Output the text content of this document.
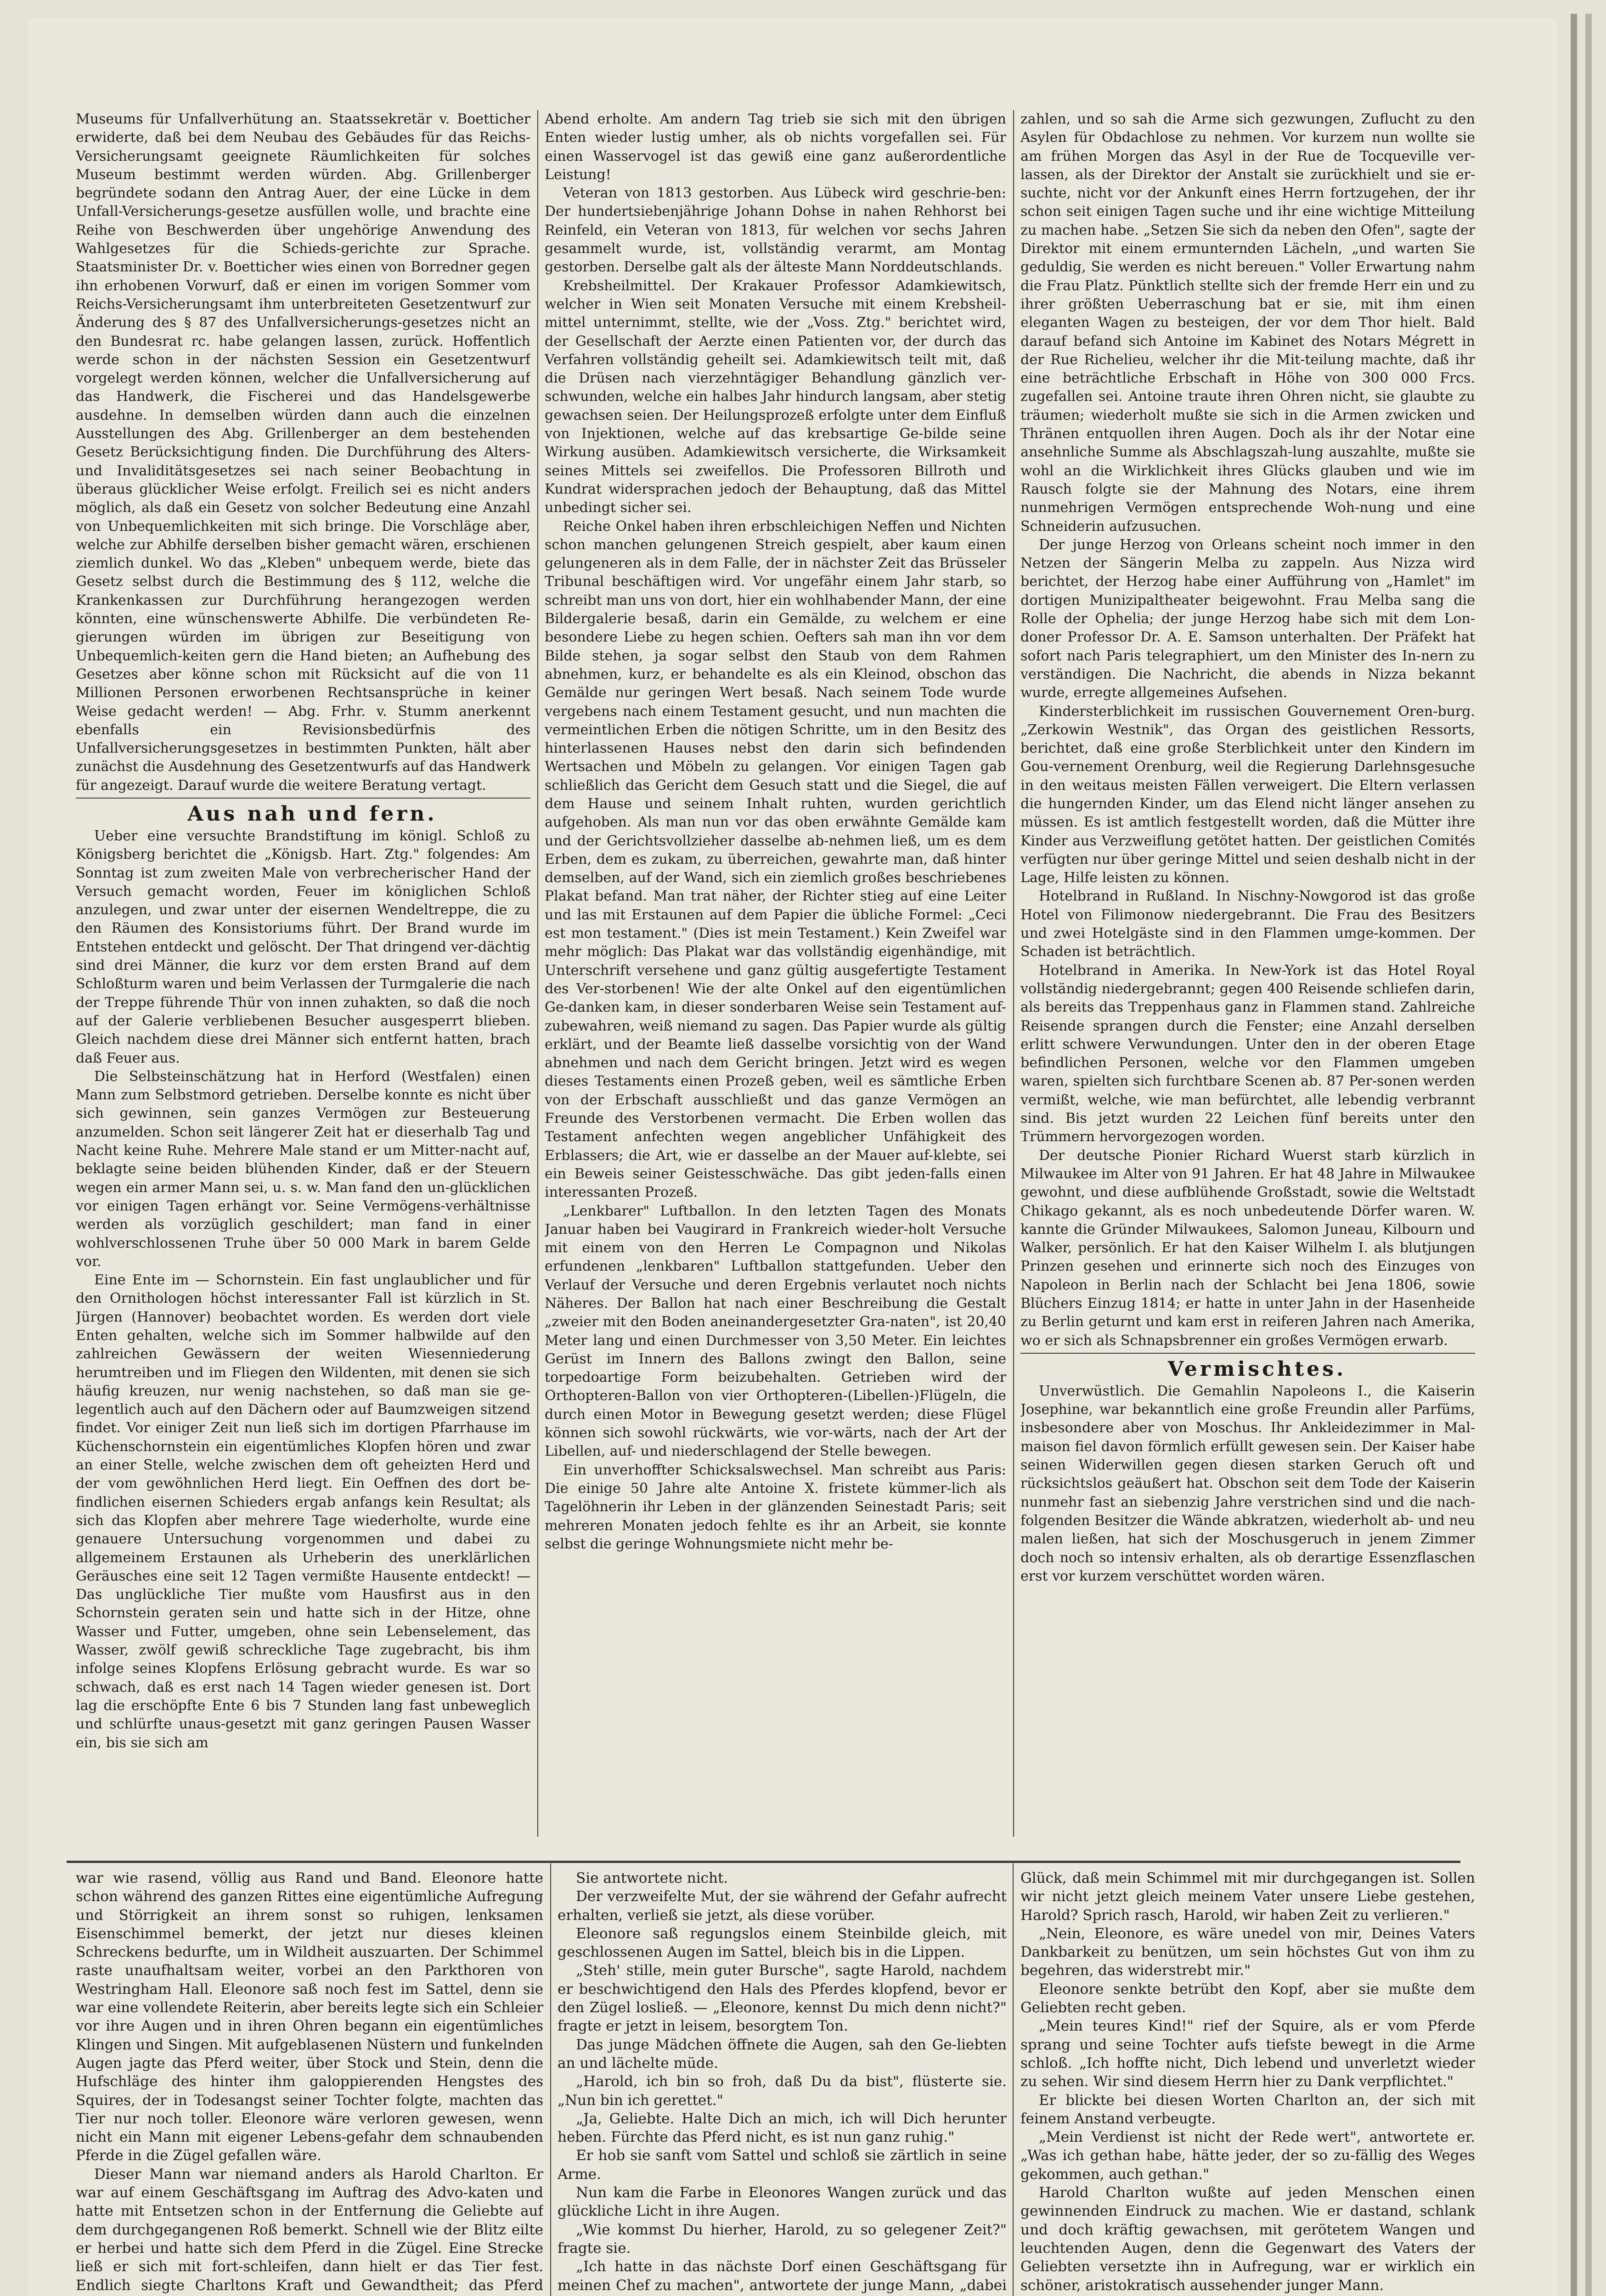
Museums für Unfallverhütung an. Staatssekretär v. Boetticher erwiderte, daß bei dem Neubau des Gebäudes für das Reichs-Versicherungsamt geeignete Räumlichkeiten für solches Museum bestimmt werden würden. Abg. Grillenberger begründete sodann den Antrag Auer, der eine Lücke in dem Unfall-Versicherungs-gesetze ausfüllen wolle, und brachte eine Reihe von Beschwerden über ungehörige Anwendung des Wahlgesetzes für die Schieds-gerichte zur Sprache. Staatsminister Dr. v. Boetticher wies einen von Borredner gegen ihn erhobenen Vorwurf, daß er einen im vorigen Sommer vom Reichs-Versicherungsamt ihm unterbreiteten Gesetzentwurf zur Änderung des § 87 des Unfallversicherungs-gesetzes nicht an den Bundesrat rc. habe gelangen lassen, zurück. Hoffentlich werde schon in der nächsten Session ein Gesetzentwurf vorgelegt werden können, welcher die Unfallversicherung auf das Handwerk, die Fischerei und das Handelsgewerbe ausdehne. In demselben würden dann auch die einzelnen Ausstellungen des Abg. Grillenberger an dem bestehenden Gesetz Berücksichtigung finden. Die Durchführung des Alters- und Invaliditätsgesetzes sei nach seiner Beobachtung in überaus glücklicher Weise erfolgt. Freilich sei es nicht anders möglich, als daß ein Gesetz von solcher Bedeutung eine Anzahl von Unbequemlichkeiten mit sich bringe. Die Vorschläge aber, welche zur Abhilfe derselben bisher gemacht wären, erschienen ziemlich dunkel. Wo das „Kleben" unbequem werde, biete das Gesetz selbst durch die Bestimmung des § 112, welche die Krankenkassen zur Durchführung herangezogen werden könnten, eine wünschenswerte Abhilfe. Die verbündeten Re-gierungen würden im übrigen zur Beseitigung von Unbequemlich-keiten gern die Hand bieten; an Aufhebung des Gesetzes aber könne schon mit Rücksicht auf die von 11 Millionen Personen erworbenen Rechtsansprüche in keiner Weise gedacht werden! — Abg. Frhr. v. Stumm anerkennt ebenfalls ein Revisionsbedürfnis des Unfallversicherungsgesetzes in bestimmten Punkten, hält aber zunächst die Ausdehnung des Gesetzentwurfs auf das Handwerk für angezeigt. Darauf wurde die weitere Beratung vertagt.

Aus nah und fern.

Ueber eine versuchte Brandstiftung im königl. Schloß zu Königsberg berichtet die „Königsb. Hart. Ztg." folgendes: Am Sonntag ist zum zweiten Male von verbrecherischer Hand der Versuch gemacht worden, Feuer im königlichen Schloß anzulegen, und zwar unter der eisernen Wendeltreppe, die zu den Räumen des Konsistoriums führt. Der Brand wurde im Entstehen entdeckt und gelöscht. Der That dringend ver-dächtig sind drei Männer, die kurz vor dem ersten Brand auf dem Schloßturm waren und beim Verlassen der Turmgalerie die nach der Treppe führende Thür von innen zuhakten, so daß die noch auf der Galerie verbliebenen Besucher ausgesperrt blieben. Gleich nachdem diese drei Männer sich entfernt hatten, brach daß Feuer aus.

Die Selbsteinschätzung hat in Herford (Westfalen) einen Mann zum Selbstmord getrieben. Derselbe konnte es nicht über sich gewinnen, sein ganzes Vermögen zur Besteuerung anzumelden. Schon seit längerer Zeit hat er dieserhalb Tag und Nacht keine Ruhe. Mehrere Male stand er um Mitter-nacht auf, beklagte seine beiden blühenden Kinder, daß er der Steuern wegen ein armer Mann sei, u. s. w. Man fand den un-glücklichen vor einigen Tagen erhängt vor. Seine Vermögens-verhältnisse werden als vorzüglich geschildert; man fand in einer wohlverschlossenen Truhe über 50 000 Mark in barem Gelde vor.

Eine Ente im — Schornstein. Ein fast unglaublicher und für den Ornithologen höchst interessanter Fall ist kürzlich in St. Jürgen (Hannover) beobachtet worden. Es werden dort viele Enten gehalten, welche sich im Sommer halbwilde auf den zahlreichen Gewässern der weiten Wiesenniederung herumtreiben und im Fliegen den Wildenten, mit denen sie sich häufig kreuzen, nur wenig nachstehen, so daß man sie ge-legentlich auch auf den Dächern oder auf Baumzweigen sitzend findet. Vor einiger Zeit nun ließ sich im dortigen Pfarrhause im Küchenschornstein ein eigentümliches Klopfen hören und zwar an einer Stelle, welche zwischen dem oft geheizten Herd und der vom gewöhnlichen Herd liegt. Ein Oeffnen des dort be-findlichen eisernen Schieders ergab anfangs kein Resultat; als sich das Klopfen aber mehrere Tage wiederholte, wurde eine genauere Untersuchung vorgenommen und dabei zu allgemeinem Erstaunen als Urheberin des unerklärlichen Geräusches eine seit 12 Tagen vermißte Hausente entdeckt! — Das unglückliche Tier mußte vom Hausfirst aus in den Schornstein geraten sein und hatte sich in der Hitze, ohne Wasser und Futter, umgeben, ohne sein Lebenselement, das Wasser, zwölf gewiß schreckliche Tage zugebracht, bis ihm infolge seines Klopfens Erlösung gebracht wurde. Es war so schwach, daß es erst nach 14 Tagen wieder genesen ist. Dort lag die erschöpfte Ente 6 bis 7 Stunden lang fast unbeweglich und schlürfte unaus-gesetzt mit ganz geringen Pausen Wasser ein, bis sie sich am

Abend erholte. Am andern Tag trieb sie sich mit den übrigen Enten wieder lustig umher, als ob nichts vorgefallen sei. Für einen Wasservogel ist das gewiß eine ganz außerordentliche Leistung!

Veteran von 1813 gestorben. Aus Lübeck wird geschrie-ben: Der hundertsiebenjährige Johann Dohse in nahen Rehhorst bei Reinfeld, ein Veteran von 1813, für welchen vor sechs Jahren gesammelt wurde, ist, vollständig verarmt, am Montag gestorben. Derselbe galt als der älteste Mann Norddeutschlands.

Krebsheilmittel. Der Krakauer Professor Adamkiewitsch, welcher in Wien seit Monaten Versuche mit einem Krebsheil-mittel unternimmt, stellte, wie der „Voss. Ztg." berichtet wird, der Gesellschaft der Aerzte einen Patienten vor, der durch das Verfahren vollständig geheilt sei. Adamkiewitsch teilt mit, daß die Drüsen nach vierzehntägiger Behandlung gänzlich ver-schwunden, welche ein halbes Jahr hindurch langsam, aber stetig gewachsen seien. Der Heilungsprozeß erfolgte unter dem Einfluß von Injektionen, welche auf das krebsartige Ge-bilde seine Wirkung ausüben. Adamkiewitsch versicherte, die Wirksamkeit seines Mittels sei zweifellos. Die Professoren Billroth und Kundrat widersprachen jedoch der Behauptung, daß das Mittel unbedingt sicher sei.

Reiche Onkel haben ihren erbschleichigen Neffen und Nichten schon manchen gelungenen Streich gespielt, aber kaum einen gelungeneren als in dem Falle, der in nächster Zeit das Brüsseler Tribunal beschäftigen wird. Vor ungefähr einem Jahr starb, so schreibt man uns von dort, hier ein wohlhabender Mann, der eine Bildergalerie besaß, darin ein Gemälde, zu welchem er eine besondere Liebe zu hegen schien. Oefters sah man ihn vor dem Bilde stehen, ja sogar selbst den Staub von dem Rahmen abnehmen, kurz, er behandelte es als ein Kleinod, obschon das Gemälde nur geringen Wert besaß. Nach seinem Tode wurde vergebens nach einem Testament gesucht, und nun machten die vermeintlichen Erben die nötigen Schritte, um in den Besitz des hinterlassenen Hauses nebst den darin sich befindenden Wertsachen und Möbeln zu gelangen. Vor einigen Tagen gab schließlich das Gericht dem Gesuch statt und die Siegel, die auf dem Hause und seinem Inhalt ruhten, wurden gerichtlich aufgehoben. Als man nun vor das oben erwähnte Gemälde kam und der Gerichtsvollzieher dasselbe ab-nehmen ließ, um es dem Erben, dem es zukam, zu überreichen, gewahrte man, daß hinter demselben, auf der Wand, sich ein ziemlich großes beschriebenes Plakat befand. Man trat näher, der Richter stieg auf eine Leiter und las mit Erstaunen auf dem Papier die übliche Formel: „Ceci est mon testament." (Dies ist mein Testament.) Kein Zweifel war mehr möglich: Das Plakat war das vollständig eigenhändige, mit Unterschrift versehene und ganz gültig ausgefertigte Testament des Ver-storbenen! Wie der alte Onkel auf den eigentümlichen Ge-danken kam, in dieser sonderbaren Weise sein Testament auf-zubewahren, weiß niemand zu sagen. Das Papier wurde als gültig erklärt, und der Beamte ließ dasselbe vorsichtig von der Wand abnehmen und nach dem Gericht bringen. Jetzt wird es wegen dieses Testaments einen Prozeß geben, weil es sämtliche Erben von der Erbschaft ausschließt und das ganze Vermögen an Freunde des Verstorbenen vermacht. Die Erben wollen das Testament anfechten wegen angeblicher Unfähigkeit des Erblassers; die Art, wie er dasselbe an der Mauer auf-klebte, sei ein Beweis seiner Geistesschwäche. Das gibt jeden-falls einen interessanten Prozeß.

„Lenkbarer" Luftballon. In den letzten Tagen des Monats Januar haben bei Vaugirard in Frankreich wieder-holt Versuche mit einem von den Herren Le Compagnon und Nikolas erfundenen „lenkbaren" Luftballon stattgefunden. Ueber den Verlauf der Versuche und deren Ergebnis verlautet noch nichts Näheres. Der Ballon hat nach einer Beschreibung die Gestalt „zweier mit den Boden aneinandergesetzter Gra-naten", ist 20,40 Meter lang und einen Durchmesser von 3,50 Meter. Ein leichtes Gerüst im Innern des Ballons zwingt den Ballon, seine torpedoartige Form beizubehalten. Getrieben wird der Orthopteren-Ballon von vier Orthopteren-(Libellen-)Flügeln, die durch einen Motor in Bewegung gesetzt werden; diese Flügel können sich sowohl rückwärts, wie vor-wärts, nach der Art der Libellen, auf- und niederschlagend der Stelle bewegen.

Ein unverhoffter Schicksalswechsel. Man schreibt aus Paris: Die einige 50 Jahre alte Antoine X. fristete kümmer-lich als Tagelöhnerin ihr Leben in der glänzenden Seinestadt Paris; seit mehreren Monaten jedoch fehlte es ihr an Arbeit, sie konnte selbst die geringe Wohnungsmiete nicht mehr be-

zahlen, und so sah die Arme sich gezwungen, Zuflucht zu den Asylen für Obdachlose zu nehmen. Vor kurzem nun wollte sie am frühen Morgen das Asyl in der Rue de Tocqueville ver-lassen, als der Direktor der Anstalt sie zurückhielt und sie er-suchte, nicht vor der Ankunft eines Herrn fortzugehen, der ihr schon seit einigen Tagen suche und ihr eine wichtige Mitteilung zu machen habe. „Setzen Sie sich da neben den Ofen", sagte der Direktor mit einem ermunternden Lächeln, „und warten Sie geduldig, Sie werden es nicht bereuen." Voller Erwartung nahm die Frau Platz. Pünktlich stellte sich der fremde Herr ein und zu ihrer größten Ueberraschung bat er sie, mit ihm einen eleganten Wagen zu besteigen, der vor dem Thor hielt. Bald darauf befand sich Antoine im Kabinet des Notars Mégrett in der Rue Richelieu, welcher ihr die Mit-teilung machte, daß ihr eine beträchtliche Erbschaft in Höhe von 300 000 Frcs. zugefallen sei. Antoine traute ihren Ohren nicht, sie glaubte zu träumen; wiederholt mußte sie sich in die Armen zwicken und Thränen entquollen ihren Augen. Doch als ihr der Notar eine ansehnliche Summe als Abschlagszah-lung auszahlte, mußte sie wohl an die Wirklichkeit ihres Glücks glauben und wie im Rausch folgte sie der Mahnung des Notars, eine ihrem nunmehrigen Vermögen entsprechende Woh-nung und eine Schneiderin aufzusuchen.

Der junge Herzog von Orleans scheint noch immer in den Netzen der Sängerin Melba zu zappeln. Aus Nizza wird berichtet, der Herzog habe einer Aufführung von „Hamlet" im dortigen Munizipaltheater beigewohnt. Frau Melba sang die Rolle der Ophelia; der junge Herzog habe sich mit dem Lon-doner Professor Dr. A. E. Samson unterhalten. Der Präfekt hat sofort nach Paris telegraphiert, um den Minister des In-nern zu verständigen. Die Nachricht, die abends in Nizza bekannt wurde, erregte allgemeines Aufsehen.

Kindersterblichkeit im russischen Gouvernement Oren-burg. „Zerkowin Westnik", das Organ des geistlichen Ressorts, berichtet, daß eine große Sterblichkeit unter den Kindern im Gou-vernement Orenburg, weil die Regierung Darlehnsgesuche in den weitaus meisten Fällen verweigert. Die Eltern verlassen die hungernden Kinder, um das Elend nicht länger ansehen zu müssen. Es ist amtlich festgestellt worden, daß die Mütter ihre Kinder aus Verzweiflung getötet hatten. Der geistlichen Comités verfügten nur über geringe Mittel und seien deshalb nicht in der Lage, Hilfe leisten zu können.

Hotelbrand in Rußland. In Nischny-Nowgorod ist das große Hotel von Filimonow niedergebrannt. Die Frau des Besitzers und zwei Hotelgäste sind in den Flammen umge-kommen. Der Schaden ist beträchtlich.

Hotelbrand in Amerika. In New-York ist das Hotel Royal vollständig niedergebrannt; gegen 400 Reisende schliefen darin, als bereits das Treppenhaus ganz in Flammen stand. Zahlreiche Reisende sprangen durch die Fenster; eine Anzahl derselben erlitt schwere Verwundungen. Unter den in der oberen Etage befindlichen Personen, welche vor den Flammen umgeben waren, spielten sich furchtbare Scenen ab. 87 Per-sonen werden vermißt, welche, wie man befürchtet, alle lebendig verbrannt sind. Bis jetzt wurden 22 Leichen fünf bereits unter den Trümmern hervorgezogen worden.

Der deutsche Pionier Richard Wuerst starb kürzlich in Milwaukee im Alter von 91 Jahren. Er hat 48 Jahre in Milwaukee gewohnt, und diese aufblühende Großstadt, sowie die Weltstadt Chikago gekannt, als es noch unbedeutende Dörfer waren. W. kannte die Gründer Milwaukees, Salomon Juneau, Kilbourn und Walker, persönlich. Er hat den Kaiser Wilhelm I. als blutjungen Prinzen gesehen und erinnerte sich noch des Einzuges von Napoleon in Berlin nach der Schlacht bei Jena 1806, sowie Blüchers Einzug 1814; er hatte in unter Jahn in der Hasenheide zu Berlin geturnt und kam erst in reiferen Jahren nach Amerika, wo er sich als Schnapsbrenner ein großes Vermögen erwarb.

Vermischtes.

Unverwüstlich. Die Gemahlin Napoleons I., die Kaiserin Josephine, war bekanntlich eine große Freundin aller Parfüms, insbesondere aber von Moschus. Ihr Ankleidezimmer in Mal-maison fiel davon förmlich erfüllt gewesen sein. Der Kaiser habe seinen Widerwillen gegen diesen starken Geruch oft und rücksichtslos geäußert hat. Obschon seit dem Tode der Kaiserin nunmehr fast an siebenzig Jahre verstrichen sind und die nach-folgenden Besitzer die Wände abkratzen, wiederholt ab- und neu malen ließen, hat sich der Moschusgeruch in jenem Zimmer doch noch so intensiv erhalten, als ob derartige Essenzflaschen erst vor kurzem verschüttet worden wären.

war wie rasend, völlig aus Rand und Band. Eleonore hatte schon während des ganzen Rittes eine eigentümliche Aufregung und Störrigkeit an ihrem sonst so ruhigen, lenksamen Eisenschimmel bemerkt, der jetzt nur dieses kleinen Schreckens bedurfte, um in Wildheit auszuarten. Der Schimmel raste unaufhaltsam weiter, vorbei an den Parkthoren von Westringham Hall. Eleonore saß noch fest im Sattel, denn sie war eine vollendete Reiterin, aber bereits legte sich ein Schleier vor ihre Augen und in ihren Ohren begann ein eigentümliches Klingen und Singen. Mit aufgeblasenen Nüstern und funkelnden Augen jagte das Pferd weiter, über Stock und Stein, denn die Hufschläge des hinter ihm galoppierenden Hengstes des Squires, der in Todesangst seiner Tochter folgte, machten das Tier nur noch toller. Eleonore wäre verloren gewesen, wenn nicht ein Mann mit eigener Lebens-gefahr dem schnaubenden Pferde in die Zügel gefallen wäre.

Dieser Mann war niemand anders als Harold Charlton. Er war auf einem Geschäftsgang im Auftrag des Advo-katen und hatte mit Entsetzen schon in der Entfernung die Geliebte auf dem durchgegangenen Roß bemerkt. Schnell wie der Blitz eilte er herbei und hatte sich dem Pferd in die Zügel. Eine Strecke ließ er sich mit fort-schleifen, dann hielt er das Tier fest. Endlich siegte Charltons Kraft und Gewandtheit; das Pferd

Sie antwortete nicht.

Der verzweifelte Mut, der sie während der Gefahr aufrecht erhalten, verließ sie jetzt, als diese vorüber.

Eleonore saß regungslos einem Steinbilde gleich, mit geschlossenen Augen im Sattel, bleich bis in die Lippen.

„Steh' stille, mein guter Bursche", sagte Harold, nachdem er beschwichtigend den Hals des Pferdes klopfend, bevor er den Zügel losließ. — „Eleonore, kennst Du mich denn nicht?" fragte er jetzt in leisem, besorgtem Ton.

Das junge Mädchen öffnete die Augen, sah den Ge-liebten an und lächelte müde.

„Harold, ich bin so froh, daß Du da bist", flüsterte sie. „Nun bin ich gerettet."

„Ja, Geliebte. Halte Dich an mich, ich will Dich herunter heben. Fürchte das Pferd nicht, es ist nun ganz ruhig."

Er hob sie sanft vom Sattel und schloß sie zärtlich in seine Arme.

Nun kam die Farbe in Eleonores Wangen zurück und das glückliche Licht in ihre Augen.

„Wie kommst Du hierher, Harold, zu so gelegener Zeit?" fragte sie.

„Ich hatte in das nächste Dorf einen Geschäftsgang für meinen Chef zu machen", antwortete der junge Mann, „dabei

Glück, daß mein Schimmel mit mir durchgegangen ist. Sollen wir nicht jetzt gleich meinem Vater unsere Liebe gestehen, Harold? Sprich rasch, Harold, wir haben Zeit zu verlieren."

„Nein, Eleonore, es wäre unedel von mir, Deines Vaters Dankbarkeit zu benützen, um sein höchstes Gut von ihm zu begehren, das widerstrebt mir."

Eleonore senkte betrübt den Kopf, aber sie mußte dem Geliebten recht geben.

„Mein teures Kind!" rief der Squire, als er vom Pferde sprang und seine Tochter aufs tiefste bewegt in die Arme schloß. „Ich hoffte nicht, Dich lebend und unverletzt wieder zu sehen. Wir sind diesem Herrn hier zu Dank verpflichtet."

Er blickte bei diesen Worten Charlton an, der sich mit feinem Anstand verbeugte.

„Mein Verdienst ist nicht der Rede wert", antwortete er. „Was ich gethan habe, hätte jeder, der so zu-fällig des Weges gekommen, auch gethan."

Harold Charlton wußte auf jeden Menschen einen gewinnenden Eindruck zu machen. Wie er dastand, schlank und doch kräftig gewachsen, mit gerötetem Wangen und leuchtenden Augen, denn die Gegenwart des Vaters der Geliebten versetzte ihn in Aufregung, war er wirklich ein schöner, aristokratisch aussehender junger Mann.
